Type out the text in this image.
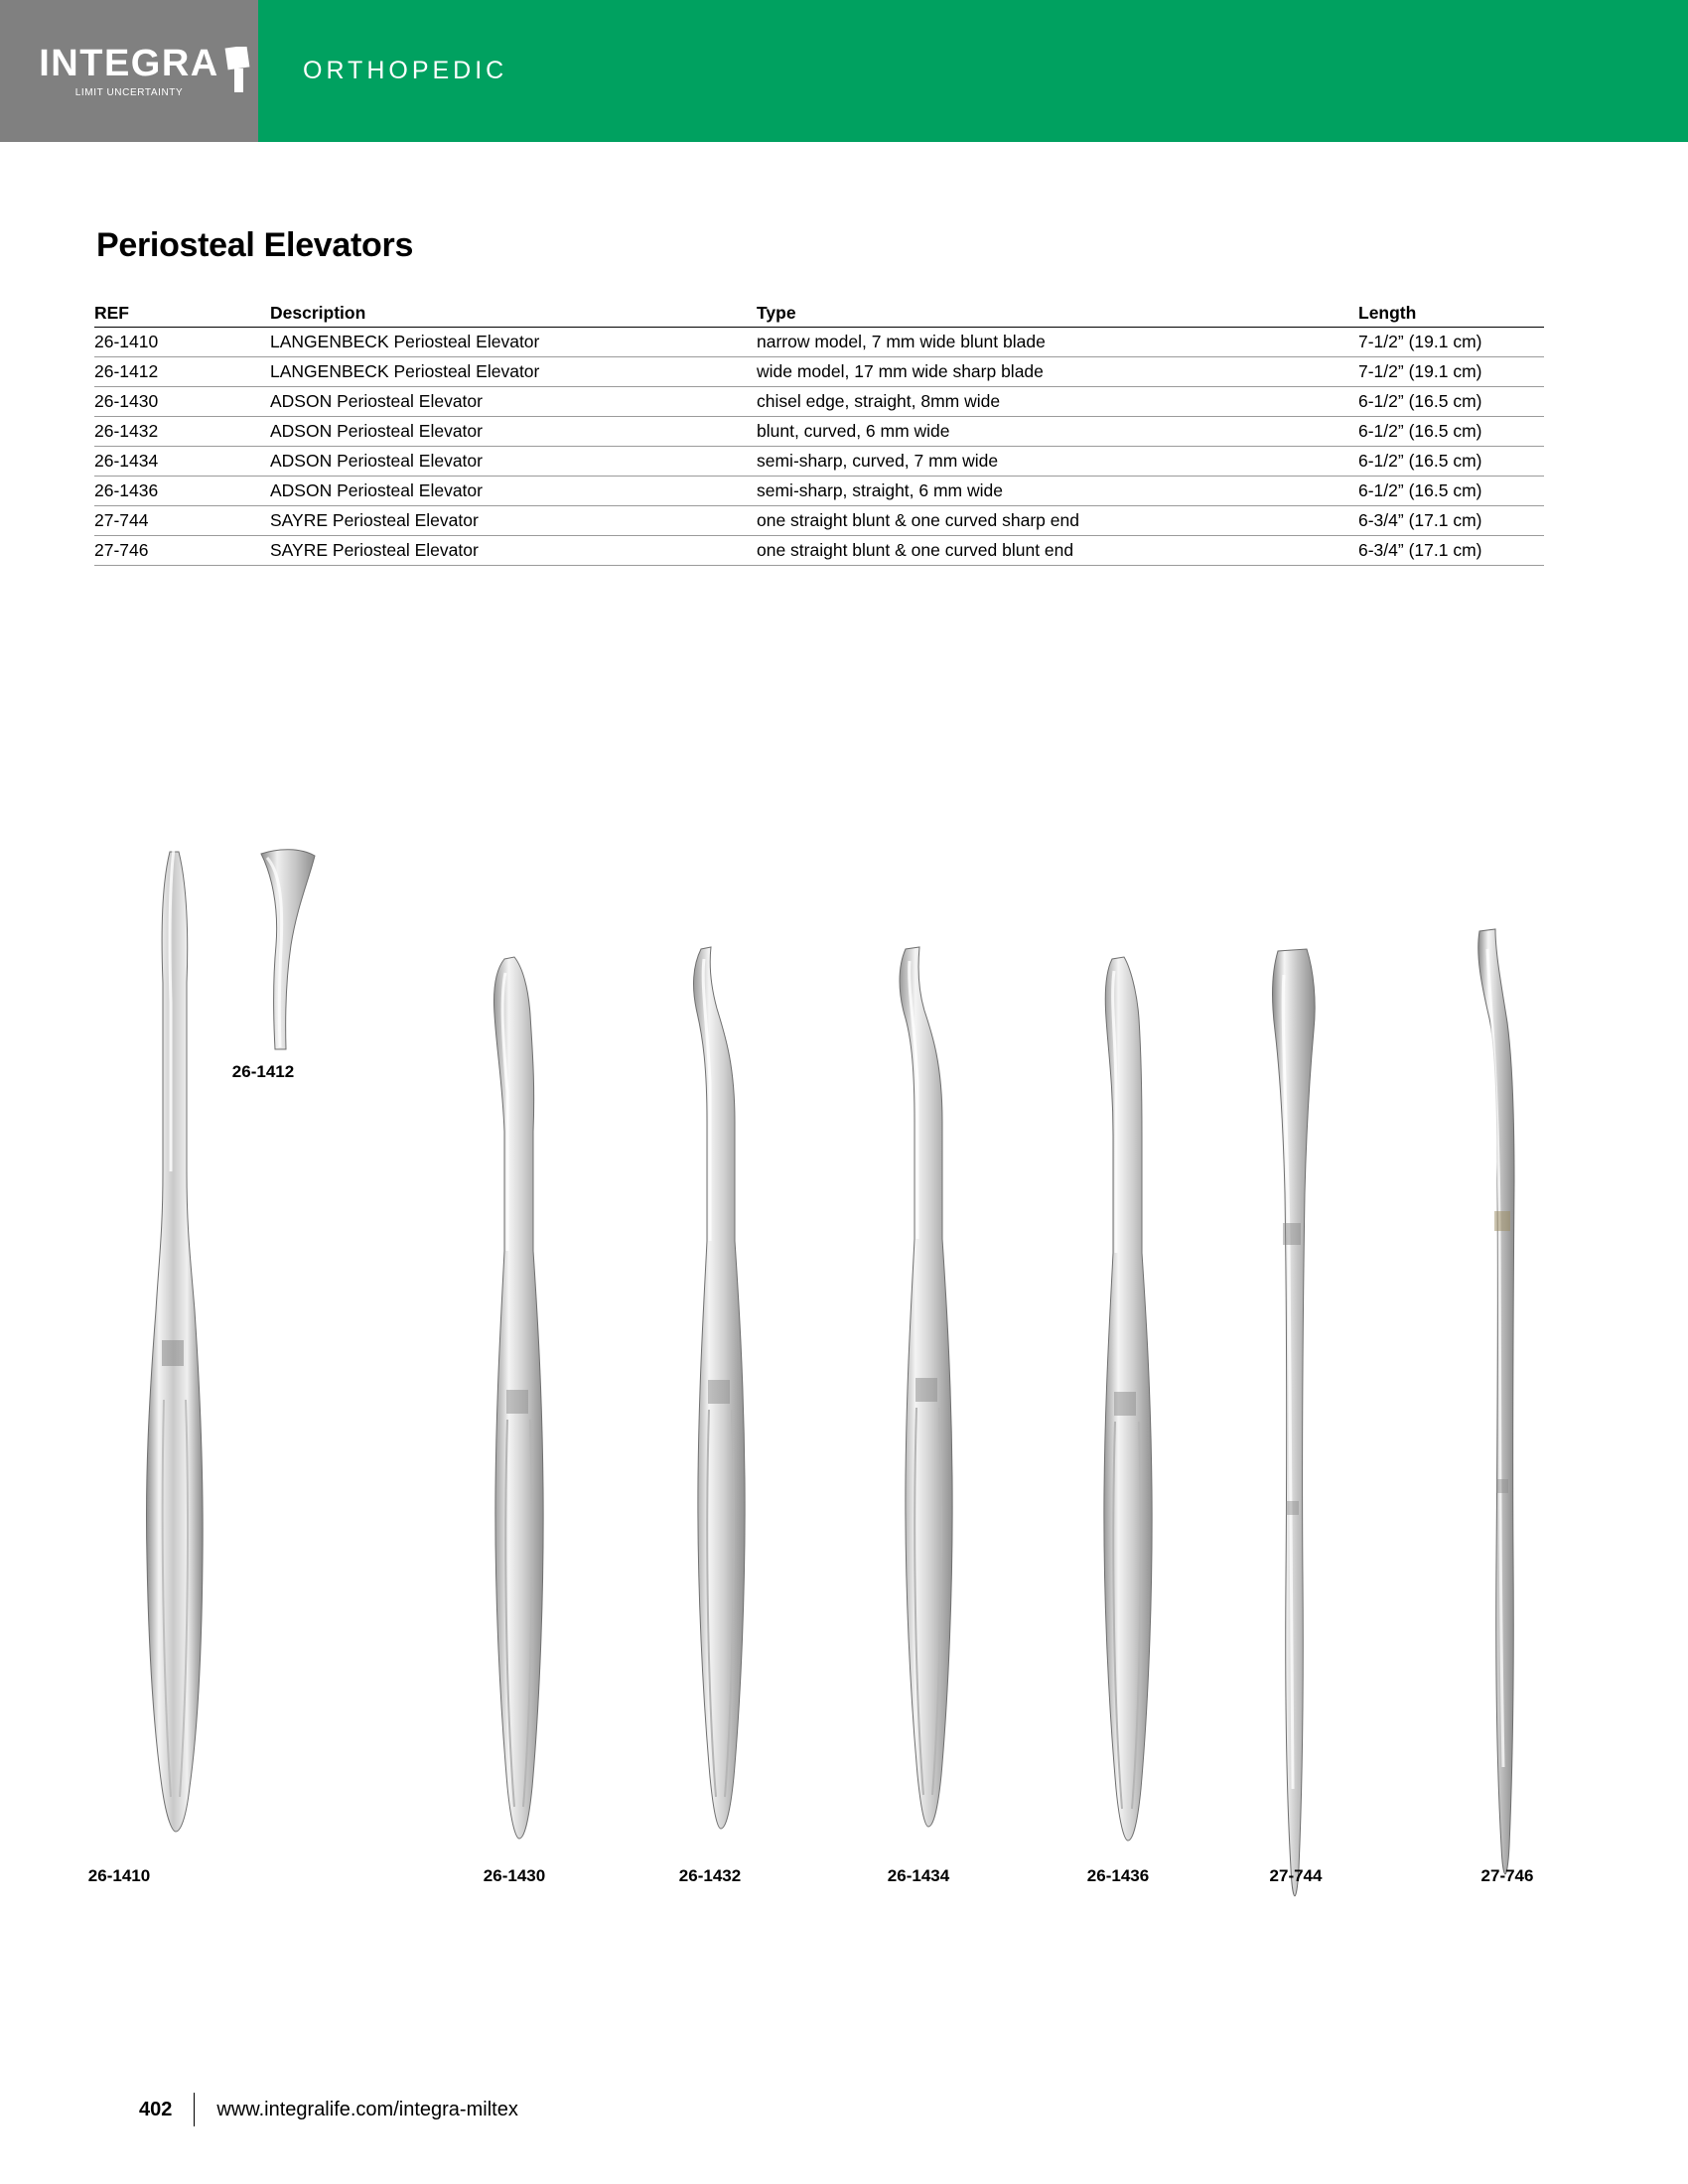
INTEGRA
LIMIT UNCERTAINTY
ORTHOPEDIC
Periosteal Elevators
REF	Description	Type	Length
26-1410	LANGENBECK Periosteal Elevator	narrow model, 7 mm wide blunt blade	7-1/2” (19.1 cm)
26-1412	LANGENBECK Periosteal Elevator	wide model, 17 mm wide sharp blade	7-1/2” (19.1 cm)
26-1430	ADSON Periosteal Elevator	chisel edge, straight, 8mm wide	6-1/2” (16.5 cm)
26-1432	ADSON Periosteal Elevator	blunt, curved, 6 mm wide	6-1/2” (16.5 cm)
26-1434	ADSON Periosteal Elevator	semi-sharp, curved, 7 mm wide	6-1/2” (16.5 cm)
26-1436	ADSON Periosteal Elevator	semi-sharp, straight, 6 mm wide	6-1/2” (16.5 cm)
27-744	SAYRE Periosteal Elevator	one straight blunt & one curved sharp end	6-3/4” (17.1 cm)
27-746	SAYRE Periosteal Elevator	one straight blunt & one curved blunt end	6-3/4” (17.1 cm)
26-1410
26-1412
26-1430	26-1432	26-1434	26-1436	27-744	27-746
402 www.integralife.com/integra-miltex
